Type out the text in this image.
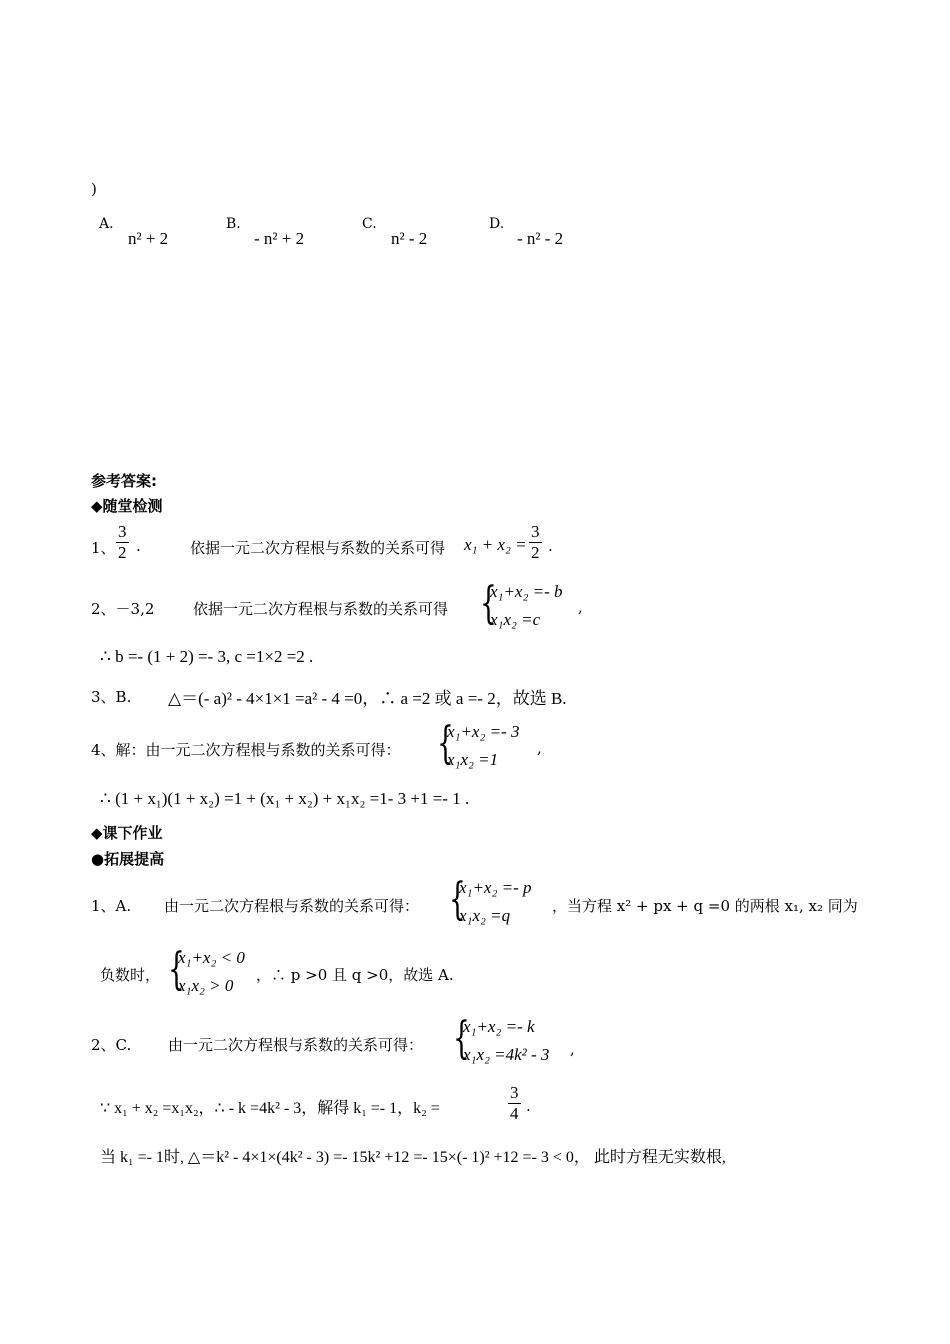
)
A.
n² + 2
B.
- n² + 2
C.
n² - 2
D.
- n² - 2
参考答案:
◆随堂检测
1、 $\frac{3}{2}$ .	依据一元二次方程根与系数的关系可得 $x_1 + x_2 = \frac{3}{2}$ .
2、－3,2	依据一元二次方程根与系数的关系可得 {
x₁+x₂ =- b
x₁x₂ =c
,
∴ b =- (1 + 2) =- 3, c =1×2 =2 .
3、B. △＝(- a)² - 4×1×1 =a² - 4 =0，∴ a =2 或 a =- 2，故选 B.
4、解：由一元二次方程根与系数的关系可得： {
x₁+x₂ =- 3
x₁x₂ =1
,
∴ (1 + x₁)(1 + x₂) =1 + (x₁ + x₂) + x₁x₂ =1- 3 +1 =- 1 .
◆课下作业
●拓展提高
1、A. 由一元二次方程根与系数的关系可得： {
x₁+x₂ =- p
x₁x₂ =q	，当方程 x² + px + q =0 的两根 x₁, x₂ 同为
负数时， {
x₁+x₂ < 0
x₁x₂ > 0
，∴ p >0 且 q >0，故选 A.
2、C. 由一元二次方程根与系数的关系可得： {
x₁+x₂ =- k
x₁x₂ =4k² - 3 ,
∵ x₁ + x₂ =x₁x₂，∴ - k =4k² - 3，解得 k₁ =- 1，k₂ =	$\frac{3}{4}$ .
当 k₁ =- 1时, △＝k² - 4×1×(4k² - 3) =- 15k² +12 =- 15×(- 1)² +12 =- 3 < 0， 此时方程无实数根,
